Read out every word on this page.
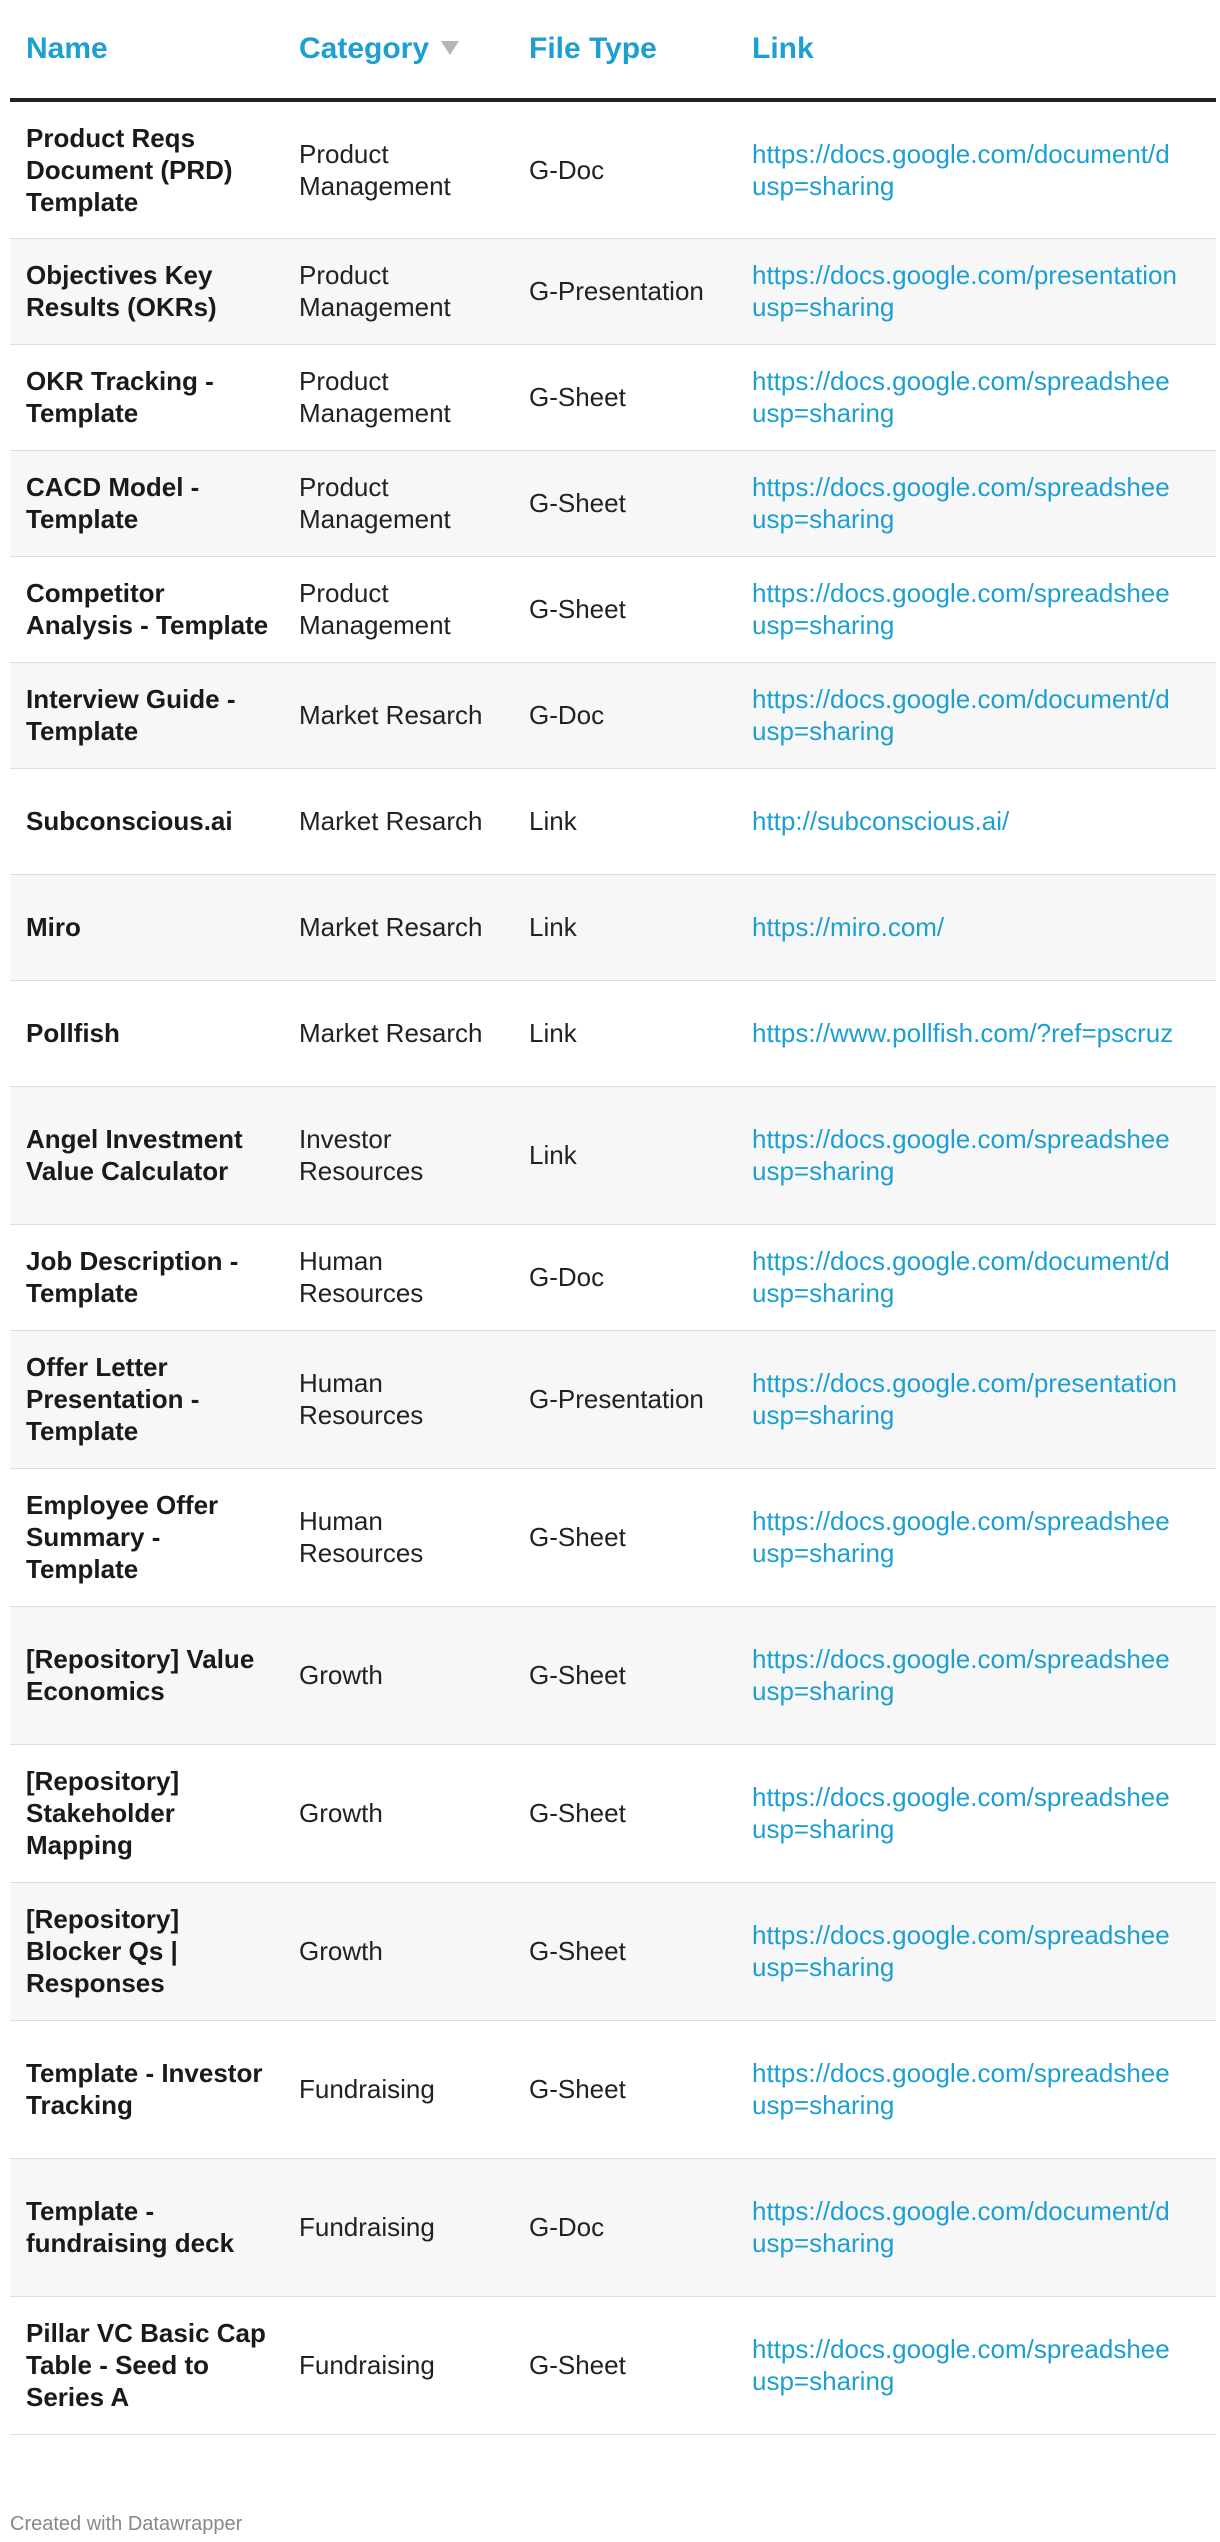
Name	Category	File Type	Link
Product Reqs Document (PRD) Template	Product Management	G-Doc	https://docs.google.com/document/d
usp=sharing

Objectives Key Results (OKRs)	Product Management	G-Presentation	https://docs.google.com/presentation
usp=sharing

OKR Tracking - Template	Product Management	G-Sheet	https://docs.google.com/spreadshee
usp=sharing

CACD Model - Template	Product Management	G-Sheet	https://docs.google.com/spreadshee
usp=sharing

Competitor Analysis - Template	Product Management	G-Sheet	https://docs.google.com/spreadshee
usp=sharing

Interview Guide - Template	Market Resarch	G-Doc	https://docs.google.com/document/d
usp=sharing

Subconscious.ai	Market Resarch	Link	http://subconscious.ai/

Miro	Market Resarch	Link	https://miro.com/

Pollfish	Market Resarch	Link	https://www.pollfish.com/?ref=pscruz

Angel Investment Value Calculator	Investor Resources	Link	https://docs.google.com/spreadshee
usp=sharing

Job Description - Template	Human Resources	G-Doc	https://docs.google.com/document/d
usp=sharing

Offer Letter Presentation - Template	Human Resources	G-Presentation	https://docs.google.com/presentation
usp=sharing

Employee Offer Summary - Template	Human Resources	G-Sheet	https://docs.google.com/spreadshee
usp=sharing

[Repository] Value Economics	Growth	G-Sheet	https://docs.google.com/spreadshee
usp=sharing

[Repository] Stakeholder Mapping	Growth	G-Sheet	https://docs.google.com/spreadshee
usp=sharing

[Repository] Blocker Qs | Responses	Growth	G-Sheet	https://docs.google.com/spreadshee
usp=sharing

Template - Investor Tracking	Fundraising	G-Sheet	https://docs.google.com/spreadshee
usp=sharing

Template - fundraising deck	Fundraising	G-Doc	https://docs.google.com/document/d
usp=sharing

Pillar VC Basic Cap Table - Seed to Series A	Fundraising	G-Sheet	https://docs.google.com/spreadshee
usp=sharing
Created with Datawrapper
